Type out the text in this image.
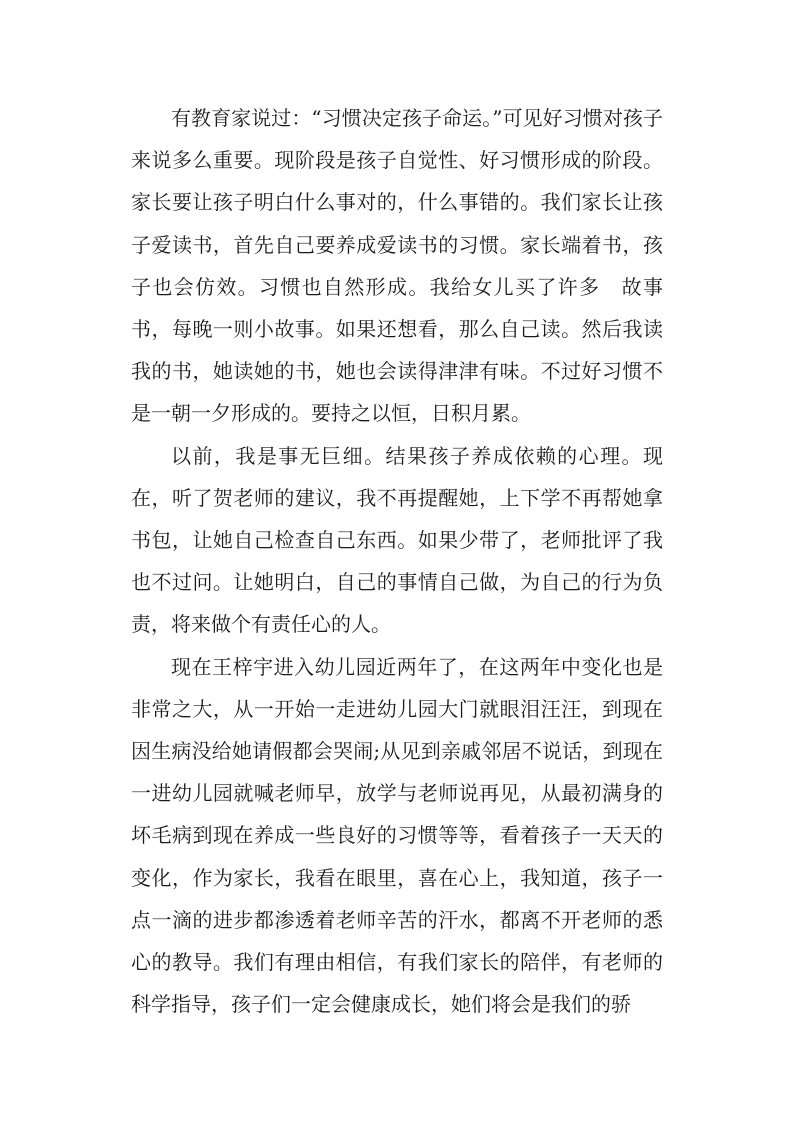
有教育家说过：“习惯决定孩子命运。”可见好习惯对孩子来说多么重要。现阶段是孩子自觉性、好习惯形成的阶段。家长要让孩子明白什么事对的，什么事错的。我们家长让孩子爱读书，首先自己要养成爱读书的习惯。家长端着书，孩子也会仿效。习惯也自然形成。我给女儿买了许多　故事书，每晚一则小故事。如果还想看，那么自己读。然后我读我的书，她读她的书，她也会读得津津有味。不过好习惯不是一朝一夕形成的。要持之以恒，日积月累。

以前，我是事无巨细。结果孩子养成依赖的心理。现在，听了贺老师的建议，我不再提醒她，上下学不再帮她拿书包，让她自己检查自己东西。如果少带了，老师批评了我也不过问。让她明白，自己的事情自己做，为自己的行为负责，将来做个有责任心的人。

现在王梓宇进入幼儿园近两年了，在这两年中变化也是非常之大，从一开始一走进幼儿园大门就眼泪汪汪，到现在因生病没给她请假都会哭闹;从见到亲戚邻居不说话，到现在一进幼儿园就喊老师早，放学与老师说再见，从最初满身的坏毛病到现在养成一些良好的习惯等等，看着孩子一天天的变化，作为家长，我看在眼里，喜在心上，我知道，孩子一点一滴的进步都渗透着老师辛苦的汗水，都离不开老师的悉心的教导。我们有理由相信，有我们家长的陪伴，有老师的科学指导，孩子们一定会健康成长，她们将会是我们的骄
